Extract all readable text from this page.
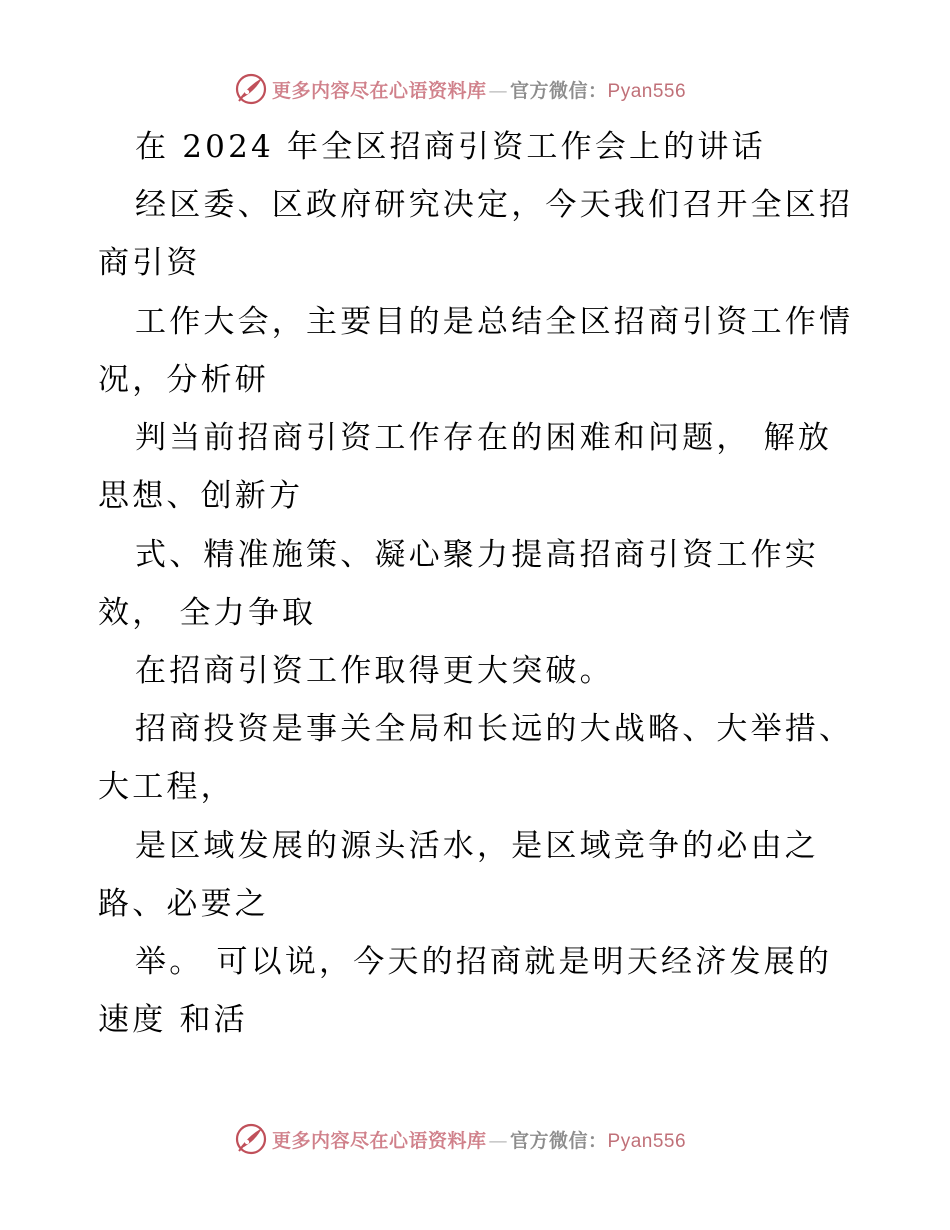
更多内容尽在心语资料库 — 官方微信：Pyan556
在 2024 年全区招商引资工作会上的讲话
经区委、区政府研究决定，今天我们召开全区招
商引资
工作大会，主要目的是总结全区招商引资工作情
况，分析研
判当前招商引资工作存在的困难和问题， 解放
思想、创新方
式、精准施策、凝心聚力提高招商引资工作实
效， 全力争取
在招商引资工作取得更大突破。
招商投资是事关全局和长远的大战略、大举措、
大工程，
是区域发展的源头活水，是区域竞争的必由之
路、必要之
举。 可以说，今天的招商就是明天经济发展的
速度 和活
更多内容尽在心语资料库 — 官方微信：Pyan556
